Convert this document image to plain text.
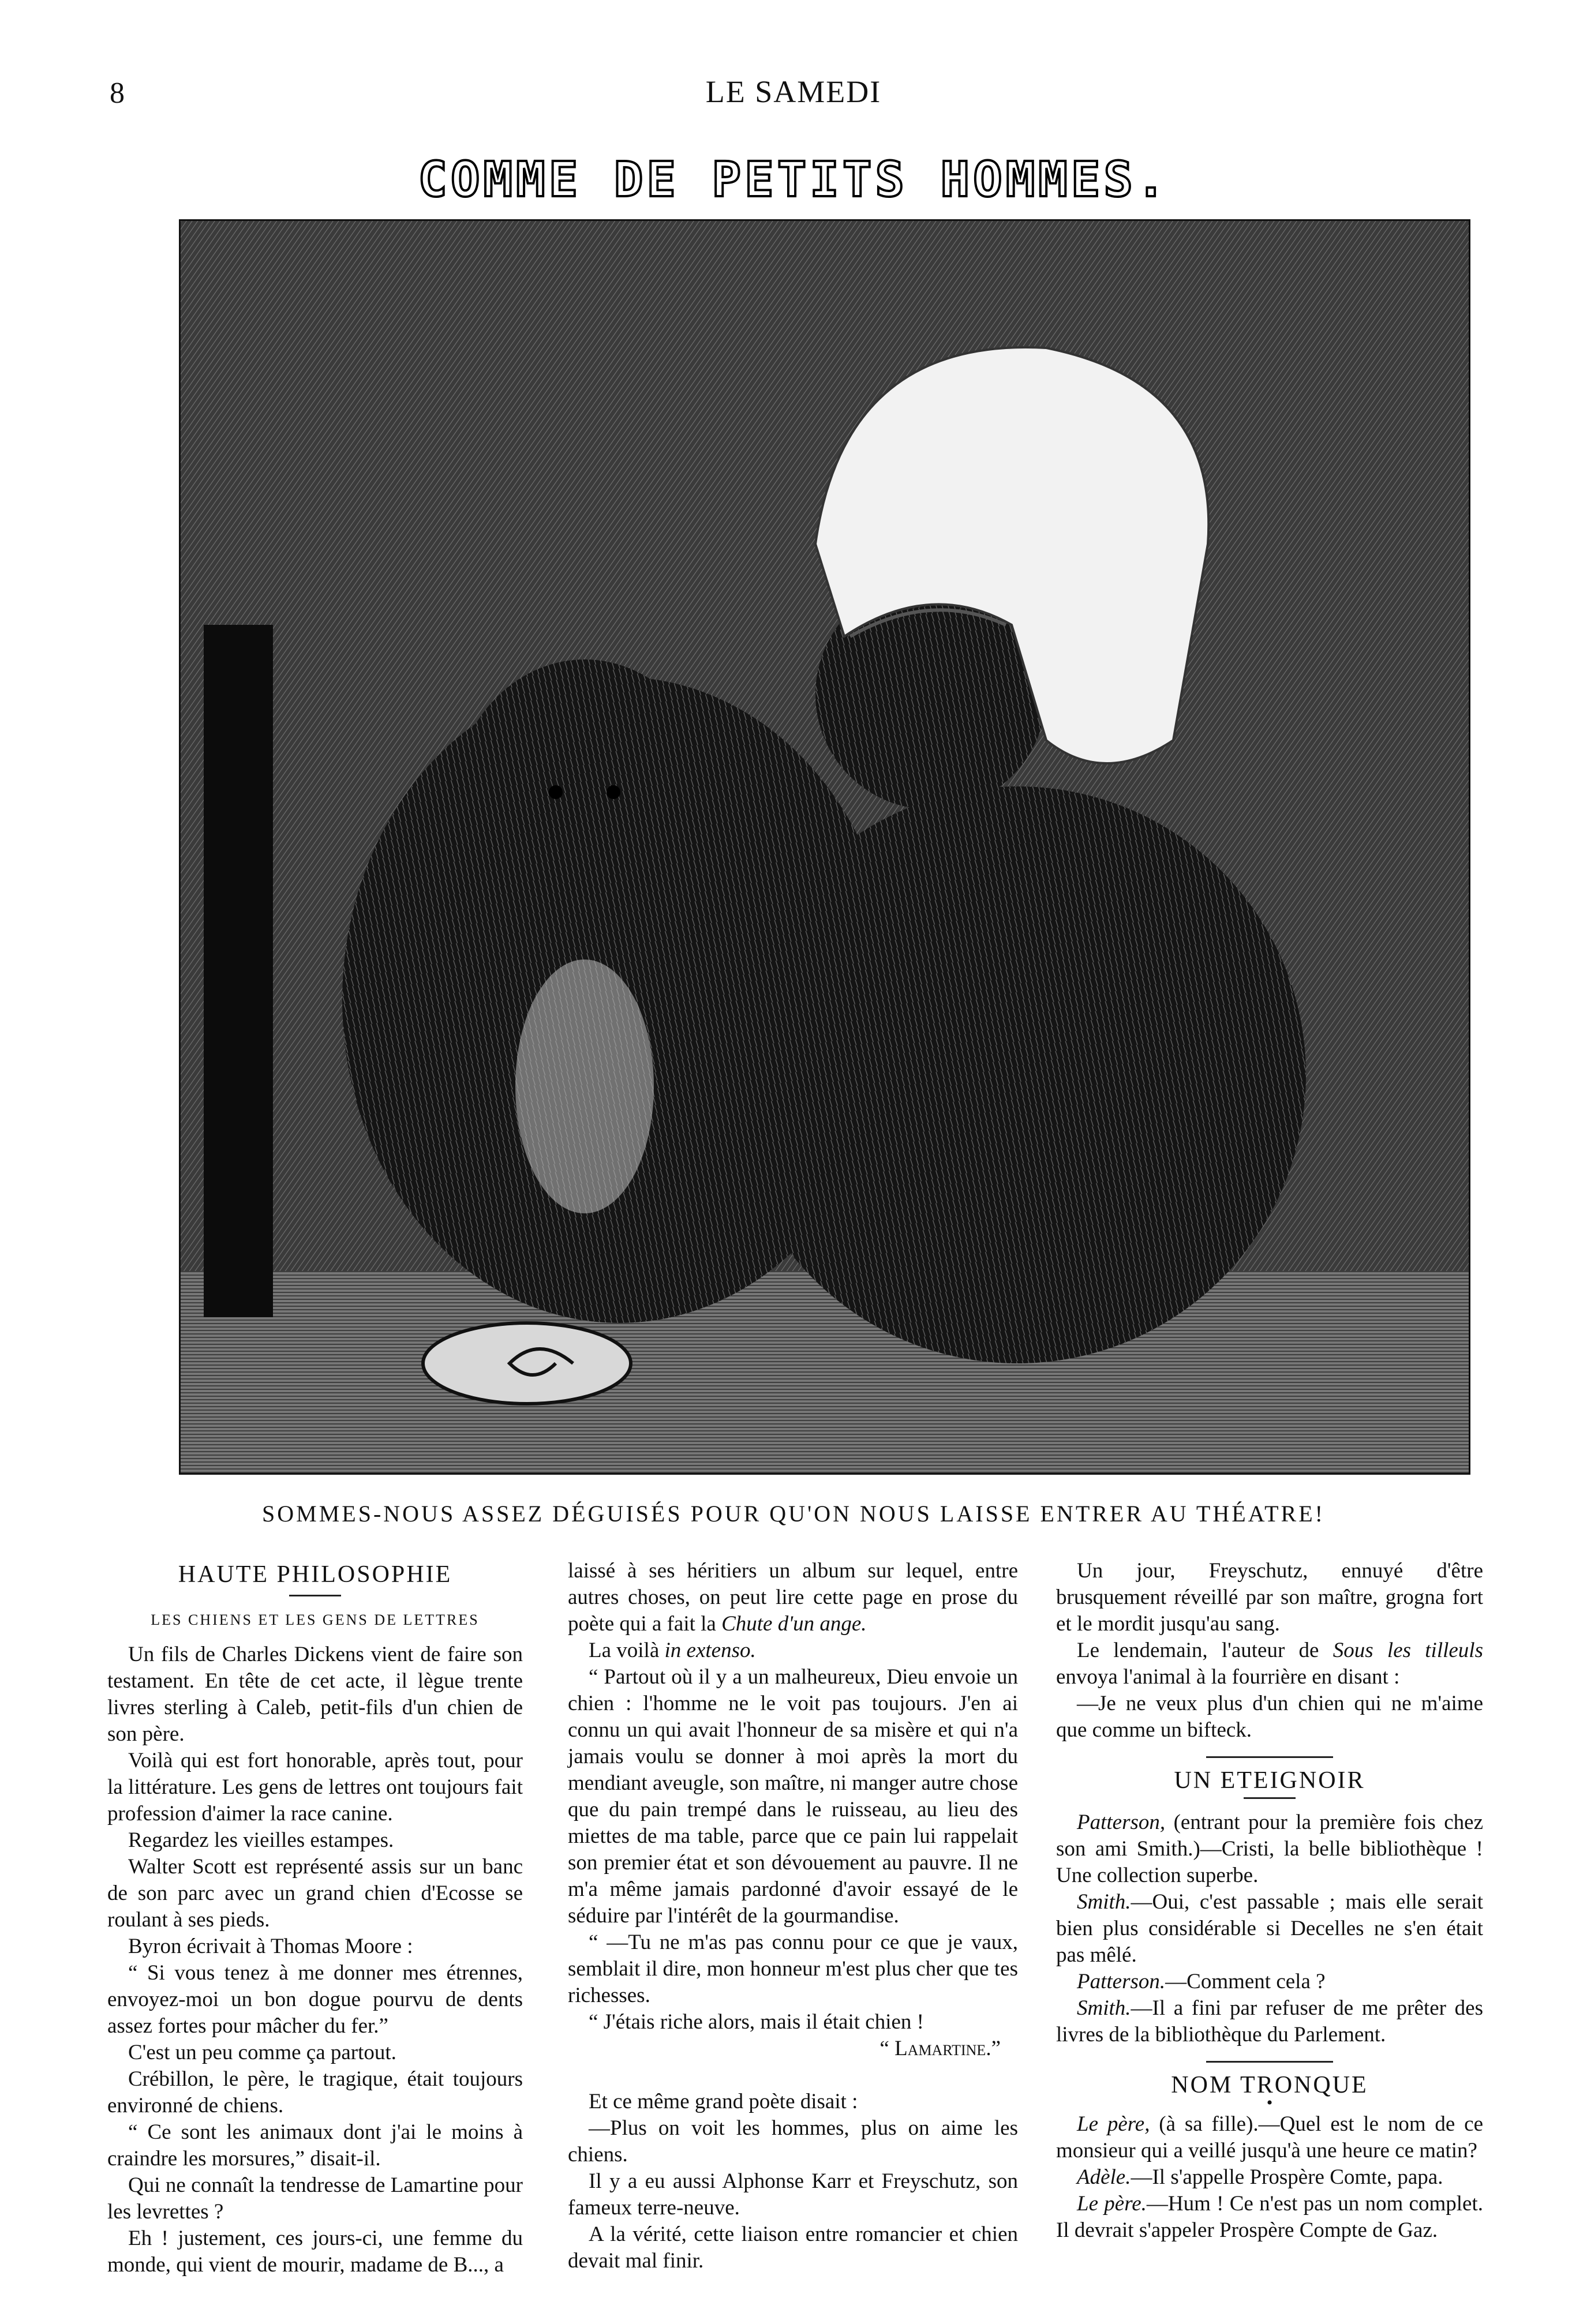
8	LE SAMEDI
COMME DE PETITS HOMMES.
SOMMES-NOUS ASSEZ DÉGUISÉS POUR QU'ON NOUS LAISSE ENTRER AU THÉATRE!
HAUTE PHILOSOPHIE
LES CHIENS ET LES GENS DE LETTRES

Un fils de Charles Dickens vient de faire son testament. En tête de cet acte, il lègue trente livres sterling à Caleb, petit-fils d'un chien de son père.

Voilà qui est fort honorable, après tout, pour la littérature. Les gens de lettres ont toujours fait profession d'aimer la race canine.

Regardez les vieilles estampes.

Walter Scott est représenté assis sur un banc de son parc avec un grand chien d'Ecosse se roulant à ses pieds.

Byron écrivait à Thomas Moore :

“ Si vous tenez à me donner mes étrennes, envoyez-moi un bon dogue pourvu de dents assez fortes pour mâcher du fer.”

C'est un peu comme ça partout.

Crébillon, le père, le tragique, était toujours environné de chiens.

“ Ce sont les animaux dont j'ai le moins à craindre les morsures,” disait-il.

Qui ne connaît la tendresse de Lamartine pour les levrettes ?

Eh ! justement, ces jours-ci, une femme du monde, qui vient de mourir, madame de B..., a

laissé à ses héritiers un album sur lequel, entre autres choses, on peut lire cette page en prose du poète qui a fait la Chute d'un ange.

La voilà in extenso.

“ Partout où il y a un malheureux, Dieu envoie un chien : l'homme ne le voit pas toujours. J'en ai connu un qui avait l'honneur de sa misère et qui n'a jamais voulu se donner à moi après la mort du mendiant aveugle, son maître, ni manger autre chose que du pain trempé dans le ruisseau, au lieu des miettes de ma table, parce que ce pain lui rappelait son premier état et son dévouement au pauvre. Il ne m'a même jamais pardonné d'avoir essayé de le séduire par l'intérêt de la gourmandise.

“ —Tu ne m'as pas connu pour ce que je vaux, semblait il dire, mon honneur m'est plus cher que tes richesses.

“ J'étais riche alors, mais il était chien !

“ Lamartine.”

Et ce même grand poète disait :

—Plus on voit les hommes, plus on aime les chiens.

Il y a eu aussi Alphonse Karr et Freyschutz, son fameux terre-neuve.

A la vérité, cette liaison entre romancier et chien devait mal finir.

Un jour, Freyschutz, ennuyé d'être brusquement réveillé par son maître, grogna fort et le mordit jusqu'au sang.

Le lendemain, l'auteur de Sous les tilleuls envoya l'animal à la fourrière en disant :

—Je ne veux plus d'un chien qui ne m'aime que comme un bifteck.

UN ETEIGNOIR

Patterson, (entrant pour la première fois chez son ami Smith.)—Cristi, la belle bibliothèque ! Une collection superbe.

Smith.—Oui, c'est passable ; mais elle serait bien plus considérable si Decelles ne s'en était pas mêlé.

Patterson.—Comment cela ?

Smith.—Il a fini par refuser de me prêter des livres de la bibliothèque du Parlement.

NOM TRONQUE
•

Le père, (à sa fille).—Quel est le nom de ce monsieur qui a veillé jusqu'à une heure ce matin?

Adèle.—Il s'appelle Prospère Comte, papa.

Le père.—Hum ! Ce n'est pas un nom complet. Il devrait s'appeler Prospère Compte de Gaz.
